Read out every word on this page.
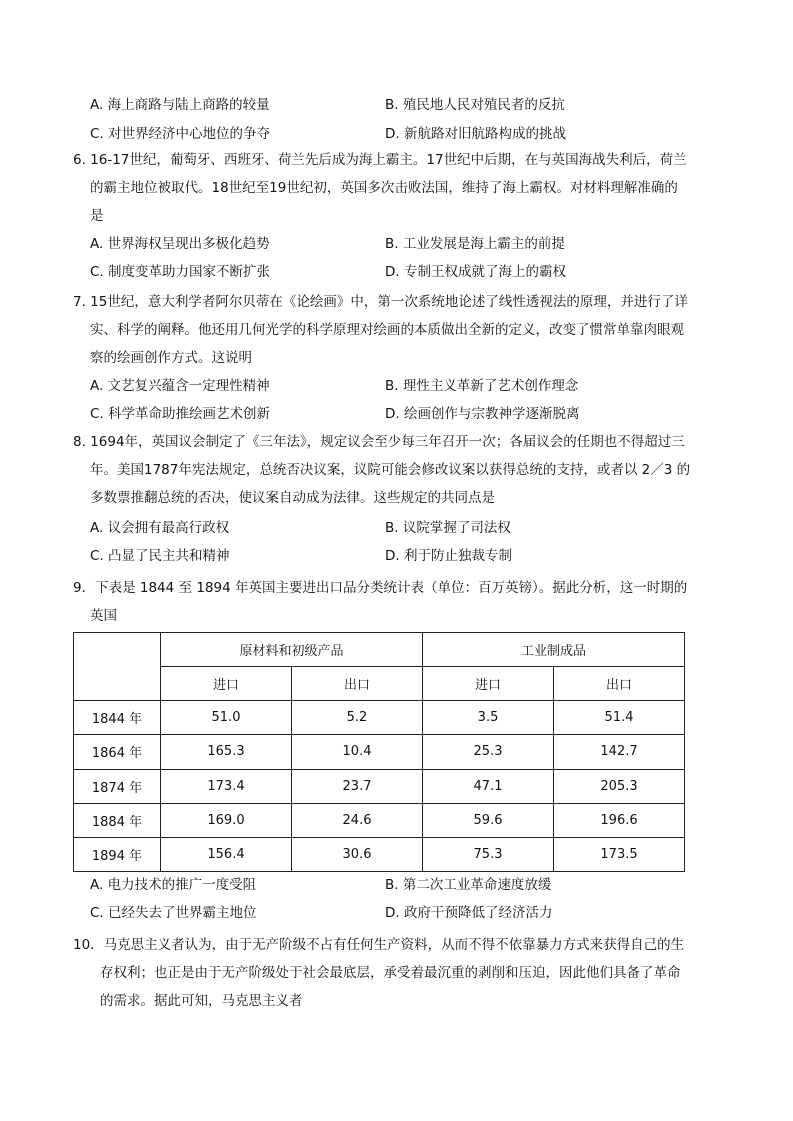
A. 海上商路与陆上商路的较量	B. 殖民地人民对殖民者的反抗
C. 对世界经济中心地位的争夺	D. 新航路对旧航路构成的挑战
6. 16-17世纪，葡萄牙、西班牙、荷兰先后成为海上霸主。17世纪中后期，在与英国海战失利后，荷兰
的霸主地位被取代。18世纪至19世纪初，英国多次击败法国，维持了海上霸权。对材料理解准确的
是
A. 世界海权呈现出多极化趋势	B. 工业发展是海上霸主的前提
C. 制度变革助力国家不断扩张	D. 专制王权成就了海上的霸权
7. 15世纪，意大利学者阿尔贝蒂在《论绘画》中，第一次系统地论述了线性透视法的原理，并进行了详
实、科学的阐释。他还用几何光学的科学原理对绘画的本质做出全新的定义，改变了惯常单靠肉眼观
察的绘画创作方式。这说明
A. 文艺复兴蕴含一定理性精神	B. 理性主义革新了艺术创作理念
C. 科学革命助推绘画艺术创新	D. 绘画创作与宗教神学逐渐脱离
8. 1694年，英国议会制定了《三年法》，规定议会至少每三年召开一次；各届议会的任期也不得超过三
年。美国1787年宪法规定，总统否决议案，议院可能会修改议案以获得总统的支持，或者以 2／3 的
多数票推翻总统的否决，使议案自动成为法律。这些规定的共同点是
A. 议会拥有最高行政权	B. 议院掌握了司法权
C. 凸显了民主共和精神	D. 利于防止独裁专制
9．下表是 1844 至 1894 年英国主要进出口品分类统计表（单位：百万英镑）。据此分析，这一时期的
英国
	原材料和初级产品		工业制成品	
	进口	出口	进口	出口
1844 年	51.0	5.2	3.5	51.4
1864 年	165.3	10.4	25.3	142.7
1874 年	173.4	23.7	47.1	205.3
1884 年	169.0	24.6	59.6	196.6
1894 年	156.4	30.6	75.3	173.5
A. 电力技术的推广一度受阻	B. 第二次工业革命速度放缓
C. 已经失去了世界霸主地位	D. 政府干预降低了经济活力
10．马克思主义者认为，由于无产阶级不占有任何生产资料，从而不得不依靠暴力方式来获得自己的生
存权利；也正是由于无产阶级处于社会最底层，承受着最沉重的剥削和压迫，因此他们具备了革命
的需求。据此可知，马克思主义者
